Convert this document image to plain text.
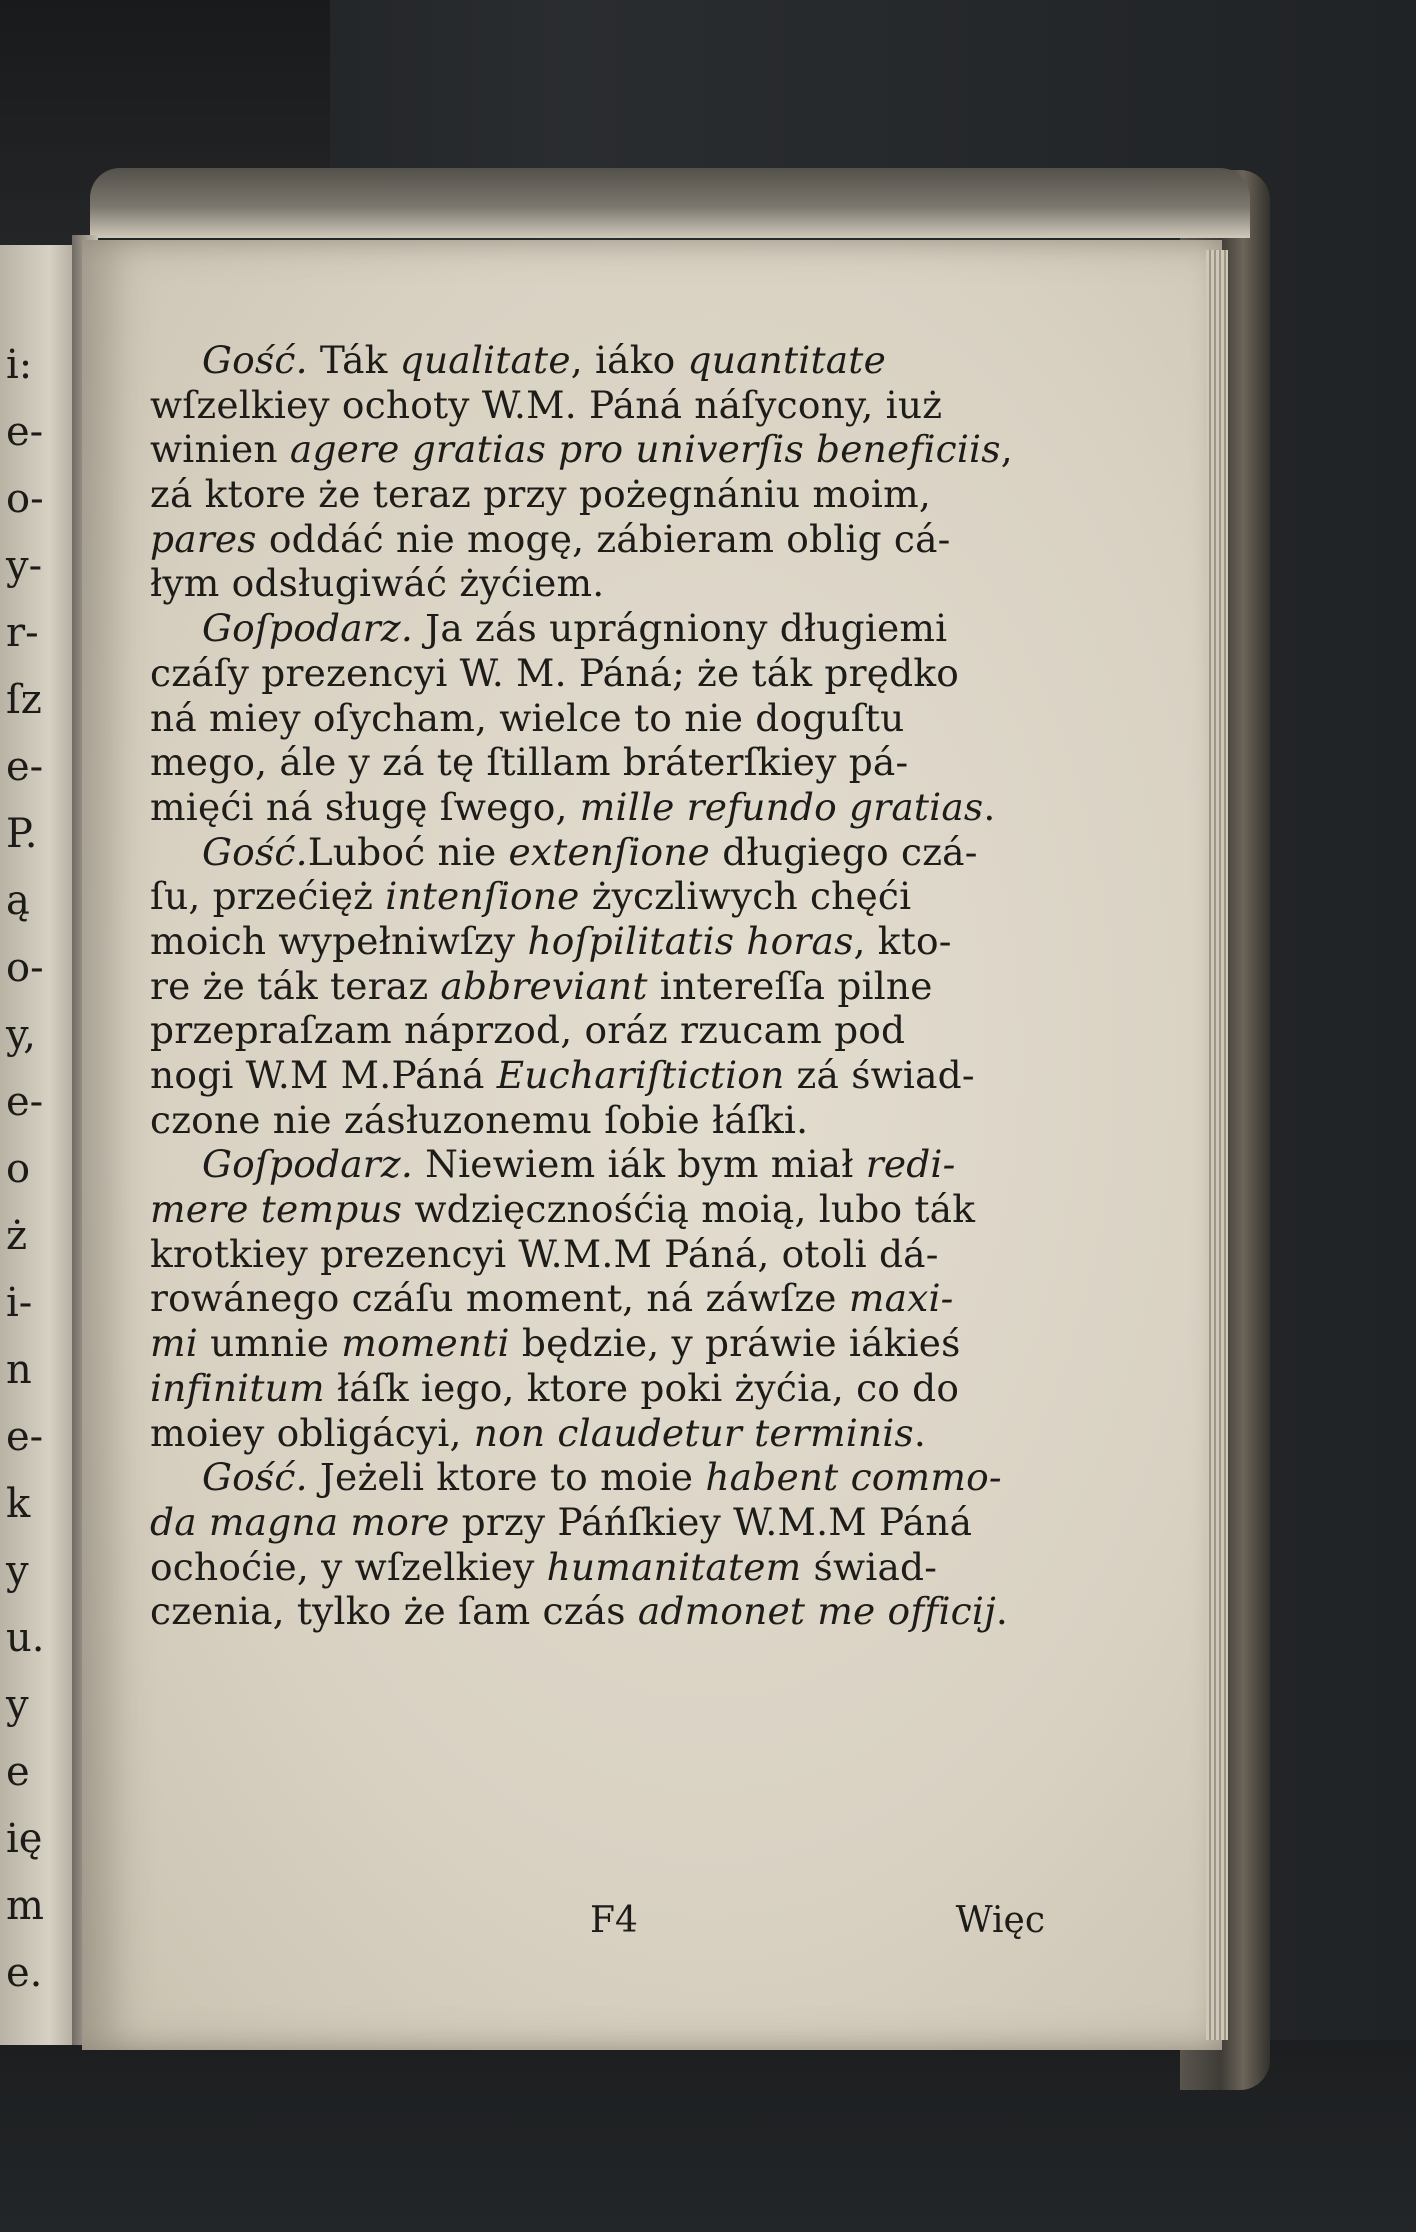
i:
e-
o-
y-
r-
ſz
e-
P.
ą
o-
y,
e-
o
ż
i-
n
e-
k
y
u.
y
e
ię
m
e.
Gość. Ták qualitate, iáko quantitate
wſzelkiey ochoty W.M. Páná náſycony, iuż
winien agere gratias pro univerſis beneficiis,
zá ktore że teraz przy pożegnániu moim,
pares oddáć nie mogę, zábieram oblig cá-
łym odsługiwáć żyćiem.
Goſpodarz. Ja zás uprágniony długiemi
czáſy prezencyi W. M. Páná; że ták prędko
ná miey oſycham, wielce to nie doguſtu
mego, ále y zá tę ſtillam bráterſkiey pá-
mięći ná sługę ſwego, mille refundo gratias.
Gość.Luboć nie extenſione długiego czá-
ſu, przećięż intenſione życzliwych chęći
moich wypełniwſzy hoſpilitatis horas, kto-
re że ták teraz abbreviant intereſſa pilne
przepraſzam náprzod, oráz rzucam pod
nogi W.M M.Páná Euchariſtiction zá świad-
czone nie zásłuzonemu ſobie łáſki.
Goſpodarz. Niewiem iák bym miał redi-
mere tempus wdzięcznośćią moią, lubo ták
krotkiey prezencyi W.M.M Páná, otoli dá-
rowánego czáſu moment, ná záwſze maxi-
mi umnie momenti będzie, y práwie iákieś
infinitum łáſk iego, ktore poki żyćia, co do
moiey obligácyi, non claudetur terminis.
Gość. Jeżeli ktore to moie habent commo-
da magna more przy Páńſkiey W.M.M Páná
ochoćie, y wſzelkiey humanitatem świad-
czenia, tylko że ſam czás admonet me officij.
F4	Więc
